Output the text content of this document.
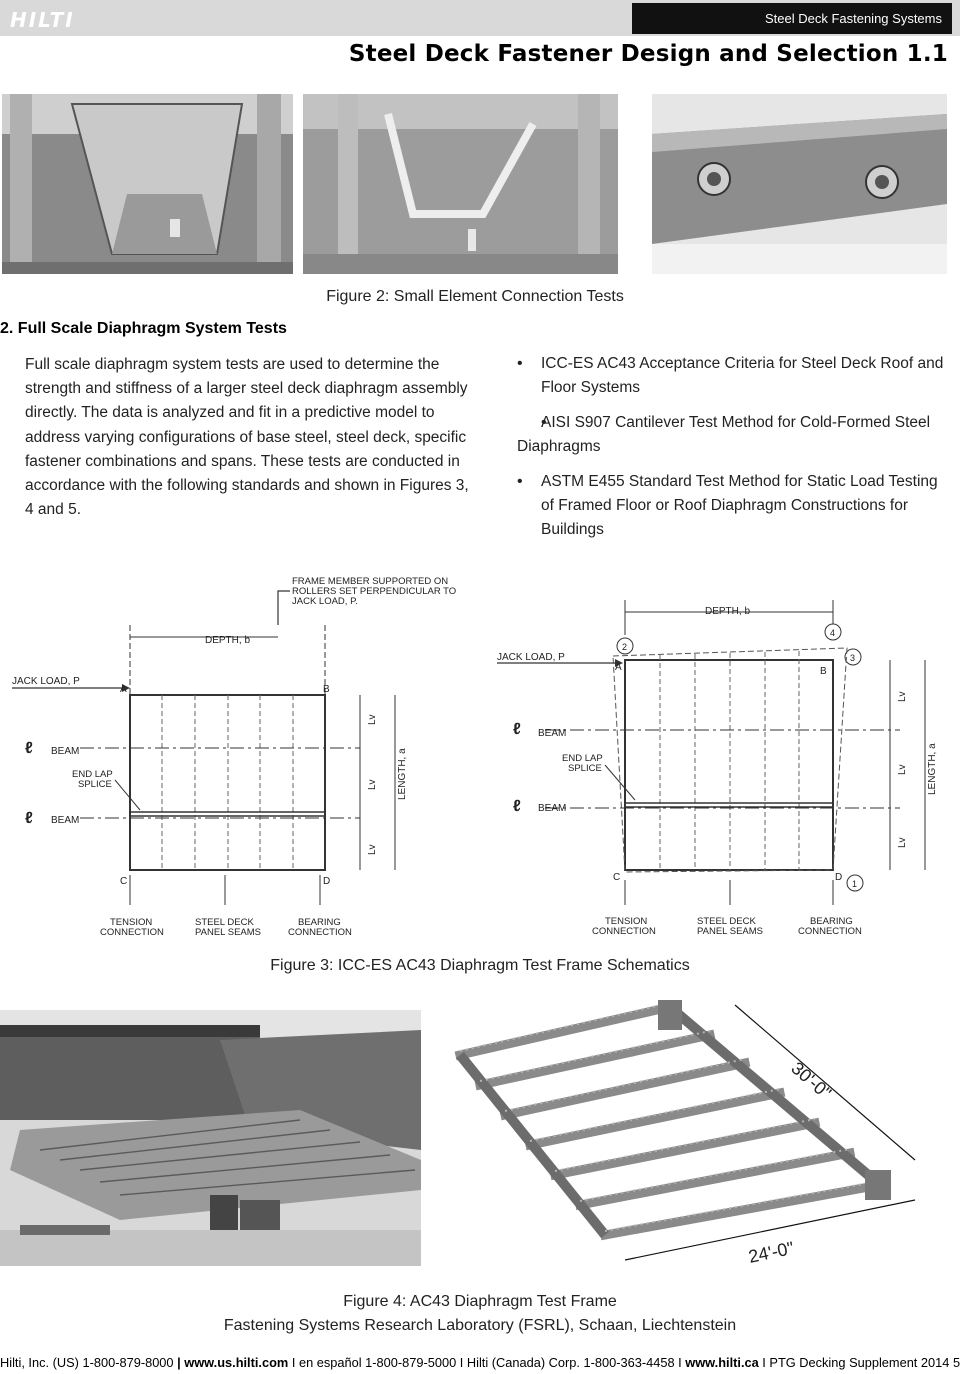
HILTI	Steel Deck Fastening Systems
Steel Deck Fastener Design and Selection 1.1
Figure 2: Small Element Connection Tests
2. Full Scale Diaphragm System Tests
Full scale diaphragm system tests are used to determine the strength and stiffness of a larger steel deck diaphragm assembly directly. The data is analyzed and fit in a predictive model to address varying configurations of base steel, steel deck, specific fastener combinations and spans. These tests are conducted in accordance with the following standards and shown in Figures 3, 4 and 5.
• ICC-ES AC43 Acceptance Criteria for Steel Deck Roof and Floor Systems
• AISI S907 Cantilever Test Method for Cold-Formed Steel Diaphragms
• ASTM E455 Standard Test Method for Static Load Testing of Framed Floor or Roof Diaphragm Constructions for Buildings
FRAME MEMBER SUPPORTED ON
ROLLERS SET PERPENDICULAR TO
JACK LOAD, P.
DEPTH, b
JACK LOAD, P
A	B
ℓ BEAM
END LAP
SPLICE
ℓ BEAM
Lv
Lv
Lv
LENGTH, a
C	D
TENSION
CONNECTION
STEEL DECK
PANEL SEAMS
BEARING
CONNECTION
DEPTH, b
2
4
3
JACK LOAD, P
A	B
ℓ BEAM
END LAP
SPLICE
ℓ BEAM
Lv
Lv
Lv
LENGTH, a
C	D
1
TENSION
CONNECTION
STEEL DECK
PANEL SEAMS
BEARING
CONNECTION
Figure 3: ICC-ES AC43 Diaphragm Test Frame Schematics
30'-0"
24'-0"
Figure 4: AC43 Diaphragm Test Frame
Fastening Systems Research Laboratory (FSRL), Schaan, Liechtenstein
Hilti, Inc. (US) 1-800-879-8000 | www.us.hilti.com I en español 1-800-879-5000 I Hilti (Canada) Corp. 1-800-363-4458 I www.hilti.ca I PTG Decking Supplement 2014 5
